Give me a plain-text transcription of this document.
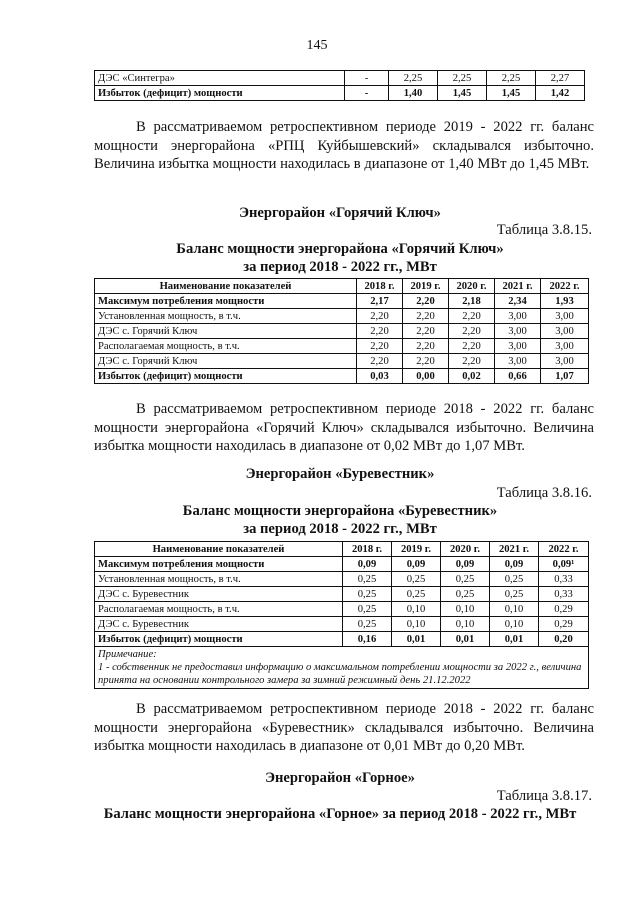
145
ДЭС «Синтегра»	-	2,25	2,25	2,25	2,27
Избыток (дефицит) мощности	-	1,40	1,45	1,45	1,42
В рассматриваемом ретроспективном периоде 2019 - 2022 гг. баланс мощности энергорайона «РПЦ Куйбышевский» складывался избыточно. Величина избытка мощности находилась в диапазоне от 1,40 МВт до 1,45 МВт.
Энергорайон «Горячий Ключ»
Таблица 3.8.15.
Баланс мощности энергорайона «Горячий Ключ»
за период 2018 - 2022 гг., МВт
Наименование показателей	2018 г.	2019 г.	2020 г.	2021 г.	2022 г.
Максимум потребления мощности	2,17	2,20	2,18	2,34	1,93
Установленная мощность, в т.ч.	2,20	2,20	2,20	3,00	3,00
ДЭС с. Горячий Ключ	2,20	2,20	2,20	3,00	3,00
Располагаемая мощность, в т.ч.	2,20	2,20	2,20	3,00	3,00
ДЭС с. Горячий Ключ	2,20	2,20	2,20	3,00	3,00
Избыток (дефицит) мощности	0,03	0,00	0,02	0,66	1,07
В рассматриваемом ретроспективном периоде 2018 - 2022 гг. баланс мощности энергорайона «Горячий Ключ» складывался избыточно. Величина избытка мощности находилась в диапазоне от 0,02 МВт до 1,07 МВт.
Энергорайон «Буревестник»
Таблица 3.8.16.
Баланс мощности энергорайона «Буревестник»
за период 2018 - 2022 гг., МВт
Наименование показателей	2018 г.	2019 г.	2020 г.	2021 г.	2022 г.
Максимум потребления мощности	0,09	0,09	0,09	0,09	0,09¹
Установленная мощность, в т.ч.	0,25	0,25	0,25	0,25	0,33
ДЭС с. Буревестник	0,25	0,25	0,25	0,25	0,33
Располагаемая мощность, в т.ч.	0,25	0,10	0,10	0,10	0,29
ДЭС с. Буревестник	0,25	0,10	0,10	0,10	0,29
Избыток (дефицит) мощности	0,16	0,01	0,01	0,01	0,20

Примечание:
1 - собственник не предоставил информацию о максимальном потреблении мощности за 2022 г., величина принята на основании контрольного замера за зимний режимный день 21.12.2022					
В рассматриваемом ретроспективном периоде 2018 - 2022 гг. баланс мощности энергорайона «Буревестник» складывался избыточно. Величина избытка мощности находилась в диапазоне от 0,01 МВт до 0,20 МВт.
Энергорайон «Горное»
Таблица 3.8.17.
Баланс мощности энергорайона «Горное» за период 2018 - 2022 гг., МВт
